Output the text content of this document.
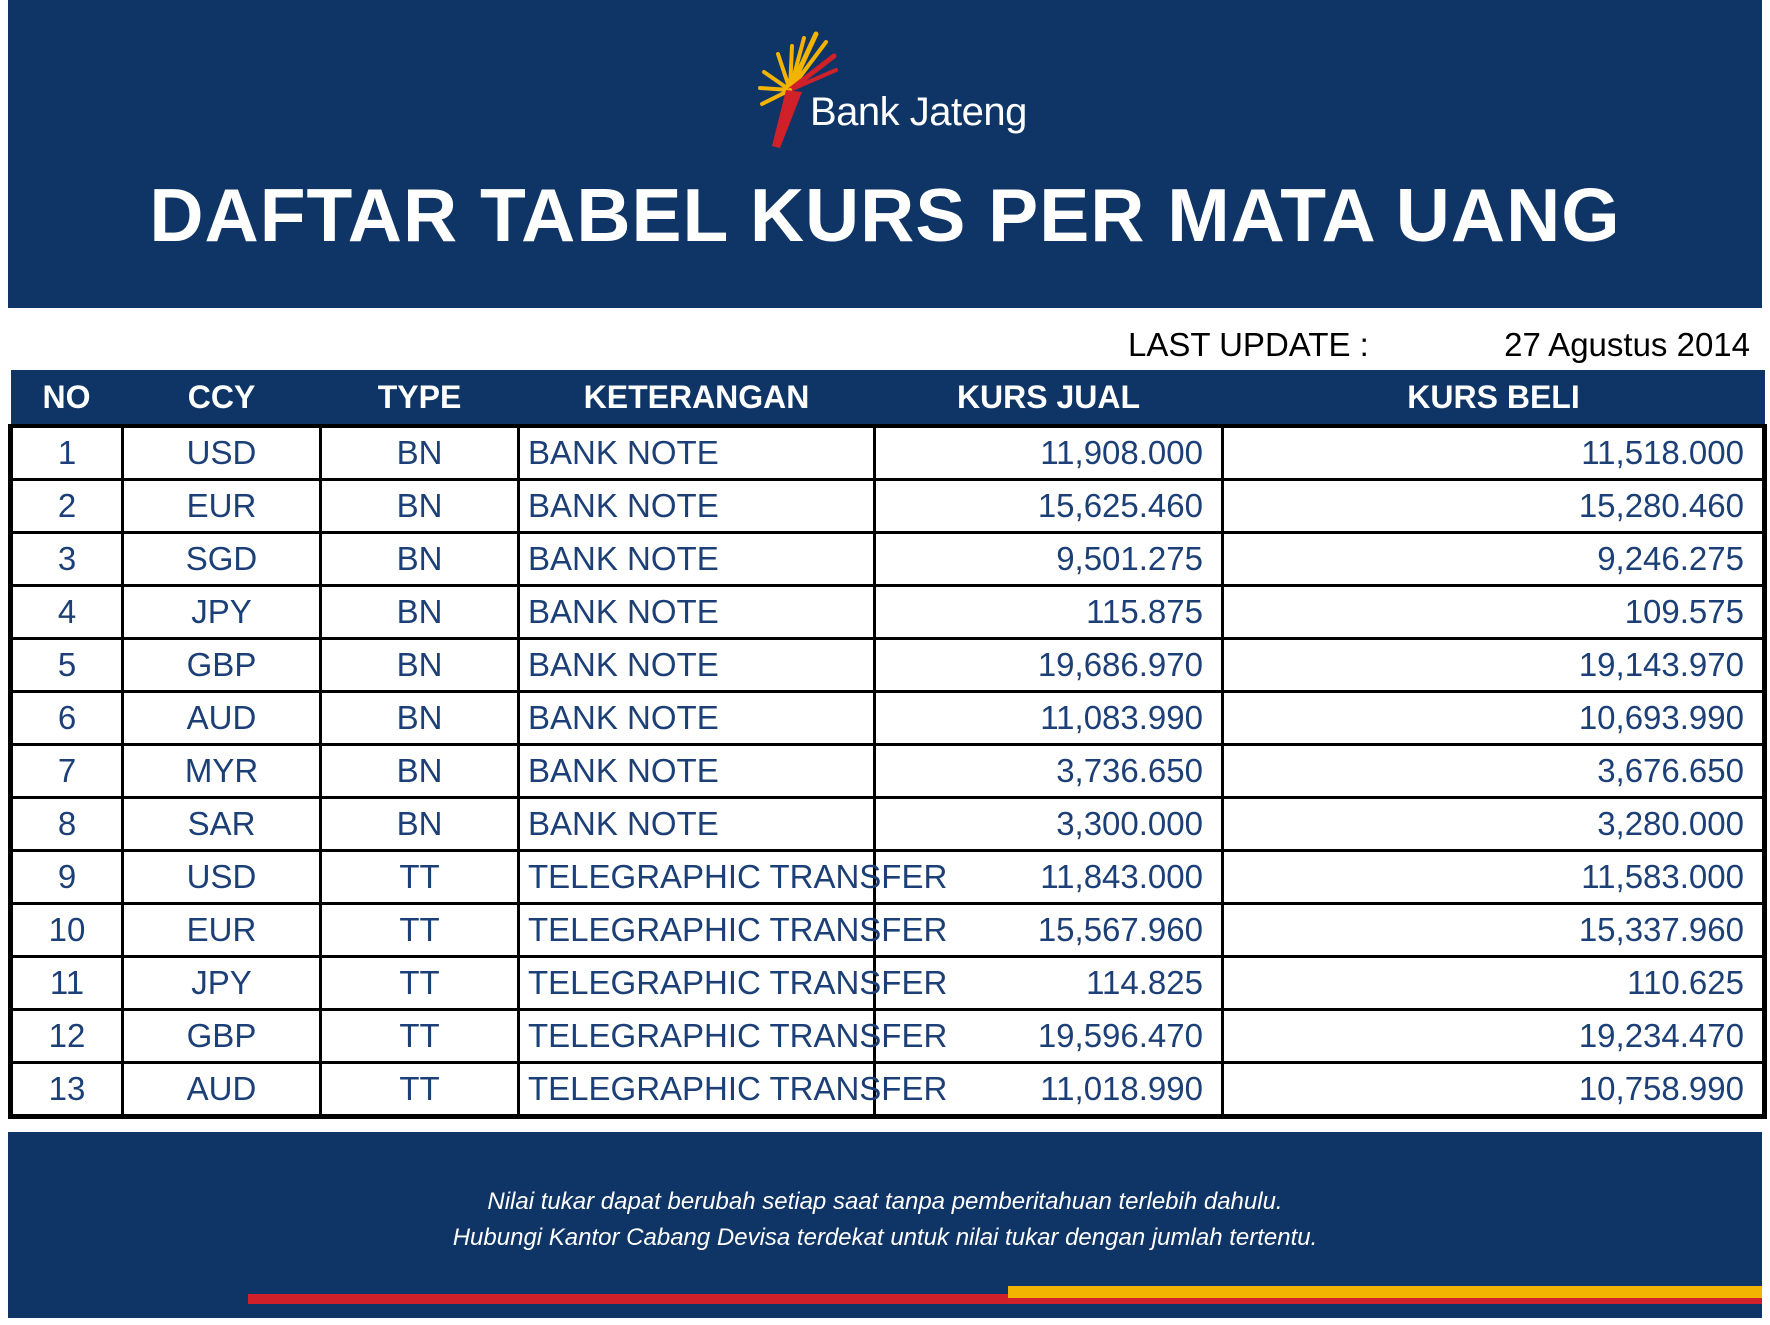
Bank Jateng
DAFTAR TABEL KURS PER MATA UANG
LAST UPDATE :	27 Agustus 2014
NO	CCY	TYPE	KETERANGAN	KURS JUAL	KURS BELI
1	USD	BN	BANK NOTE	11,908.000	11,518.000
2	EUR	BN	BANK NOTE	15,625.460	15,280.460
3	SGD	BN	BANK NOTE	9,501.275	9,246.275
4	JPY	BN	BANK NOTE	115.875	109.575
5	GBP	BN	BANK NOTE	19,686.970	19,143.970
6	AUD	BN	BANK NOTE	11,083.990	10,693.990
7	MYR	BN	BANK NOTE	3,736.650	3,676.650
8	SAR	BN	BANK NOTE	3,300.000	3,280.000
9	USD	TT	TELEGRAPHIC TRANSFER	11,843.000	11,583.000
10	EUR	TT	TELEGRAPHIC TRANSFER	15,567.960	15,337.960
11	JPY	TT	TELEGRAPHIC TRANSFER	114.825	110.625
12	GBP	TT	TELEGRAPHIC TRANSFER	19,596.470	19,234.470
13	AUD	TT	TELEGRAPHIC TRANSFER	11,018.990	10,758.990
Nilai tukar dapat berubah setiap saat tanpa pemberitahuan terlebih dahulu.
Hubungi Kantor Cabang Devisa terdekat untuk nilai tukar dengan jumlah tertentu.
